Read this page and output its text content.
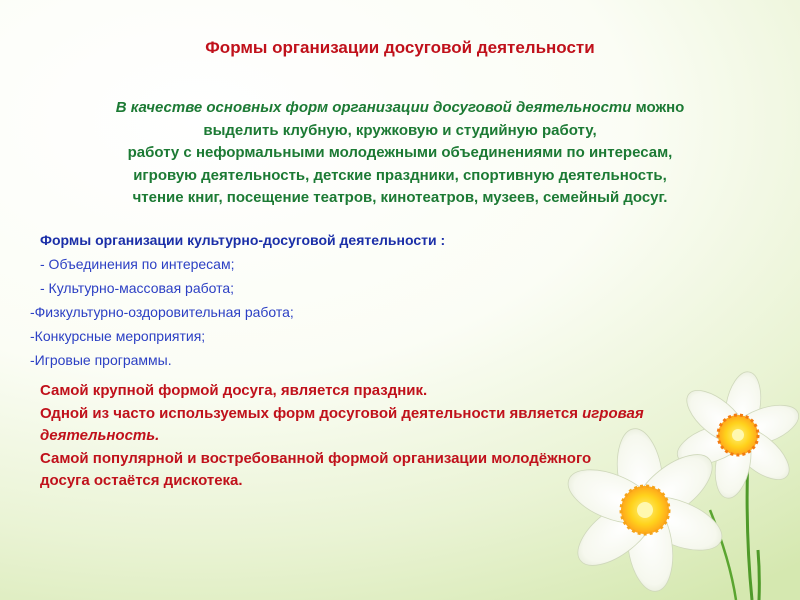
Формы организации досуговой деятельности
В качестве основных форм организации досуговой деятельности можно
выделить клубную, кружковую и студийную работу,
работу с неформальными молодежными объединениями по интересам,
игровую деятельность, детские праздники, спортивную деятельность,
чтение книг, посещение театров, кинотеатров, музеев, семейный досуг.
Формы организации культурно-досуговой деятельности :
- Объединения по интересам;
- Культурно-массовая работа;
-Физкультурно-оздоровительная работа;
-Конкурсные мероприятия;
-Игровые программы.
Самой крупной формой досуга, является праздник.
Одной из часто используемых форм досуговой деятельности является игровая
деятельность.
Самой популярной и востребованной формой организации молодёжного
досуга остаётся дискотека.
